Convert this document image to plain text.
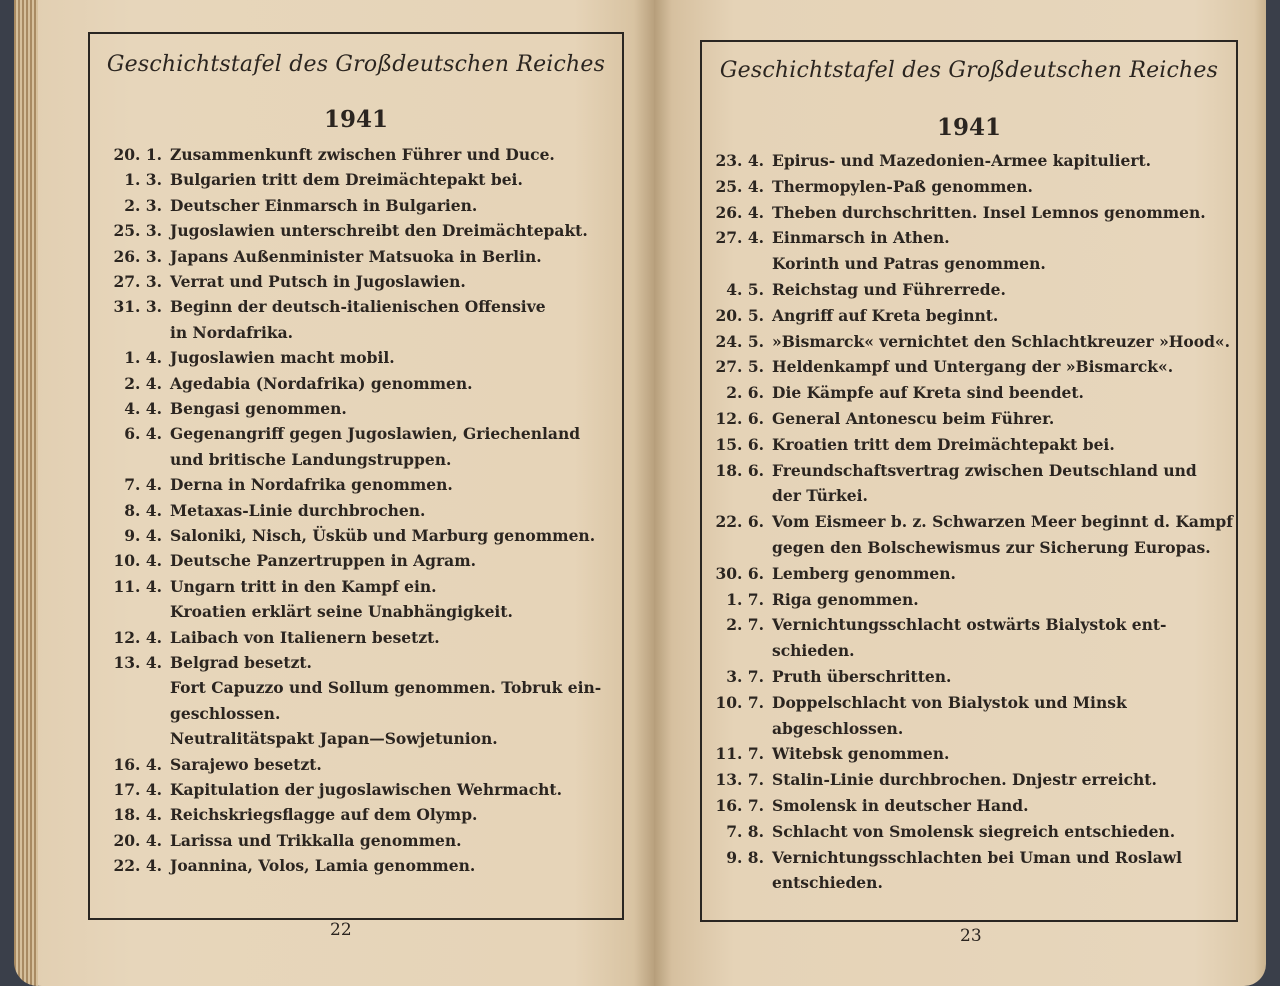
Geschichtstafel des Großdeutschen Reiches
1941
20. 1. Zusammenkunft zwischen Führer und Duce.
1. 3. Bulgarien tritt dem Dreimächtepakt bei.
2. 3. Deutscher Einmarsch in Bulgarien.
25. 3. Jugoslawien unterschreibt den Dreimächtepakt.
26. 3. Japans Außenminister Matsuoka in Berlin.
27. 3. Verrat und Putsch in Jugoslawien.
31. 3. Beginn der deutsch-italienischen Offensive
in Nordafrika.
1. 4. Jugoslawien macht mobil.
2. 4. Agedabia (Nordafrika) genommen.
4. 4. Bengasi genommen.
6. 4. Gegenangriff gegen Jugoslawien, Griechenland
und britische Landungstruppen.
7. 4. Derna in Nordafrika genommen.
8. 4. Metaxas-Linie durchbrochen.
9. 4. Saloniki, Nisch, Üsküb und Marburg genommen.
10. 4. Deutsche Panzertruppen in Agram.
11. 4. Ungarn tritt in den Kampf ein.
Kroatien erklärt seine Unabhängigkeit.
12. 4. Laibach von Italienern besetzt.
13. 4. Belgrad besetzt.
Fort Capuzzo und Sollum genommen. Tobruk ein-
geschlossen.
Neutralitätspakt Japan—Sowjetunion.
16. 4. Sarajewo besetzt.
17. 4. Kapitulation der jugoslawischen Wehrmacht.
18. 4. Reichskriegsflagge auf dem Olymp.
20. 4. Larissa und Trikkalla genommen.
22. 4. Joannina, Volos, Lamia genommen.
22
Geschichtstafel des Großdeutschen Reiches
1941
23. 4. Epirus- und Mazedonien-Armee kapituliert.
25. 4. Thermopylen-Paß genommen.
26. 4. Theben durchschritten. Insel Lemnos genommen.
27. 4. Einmarsch in Athen.
Korinth und Patras genommen.
4. 5. Reichstag und Führerrede.
20. 5. Angriff auf Kreta beginnt.
24. 5. »Bismarck« vernichtet den Schlachtkreuzer »Hood«.
27. 5. Heldenkampf und Untergang der »Bismarck«.
2. 6. Die Kämpfe auf Kreta sind beendet.
12. 6. General Antonescu beim Führer.
15. 6. Kroatien tritt dem Dreimächtepakt bei.
18. 6. Freundschaftsvertrag zwischen Deutschland und
der Türkei.
22. 6. Vom Eismeer b. z. Schwarzen Meer beginnt d. Kampf
gegen den Bolschewismus zur Sicherung Europas.
30. 6. Lemberg genommen.
1. 7. Riga genommen.
2. 7. Vernichtungsschlacht ostwärts Bialystok ent-
schieden.
3. 7. Pruth überschritten.
10. 7. Doppelschlacht von Bialystok und Minsk
abgeschlossen.
11. 7. Witebsk genommen.
13. 7. Stalin-Linie durchbrochen. Dnjestr erreicht.
16. 7. Smolensk in deutscher Hand.
7. 8. Schlacht von Smolensk siegreich entschieden.
9. 8. Vernichtungsschlachten bei Uman und Roslawl
entschieden.
23
